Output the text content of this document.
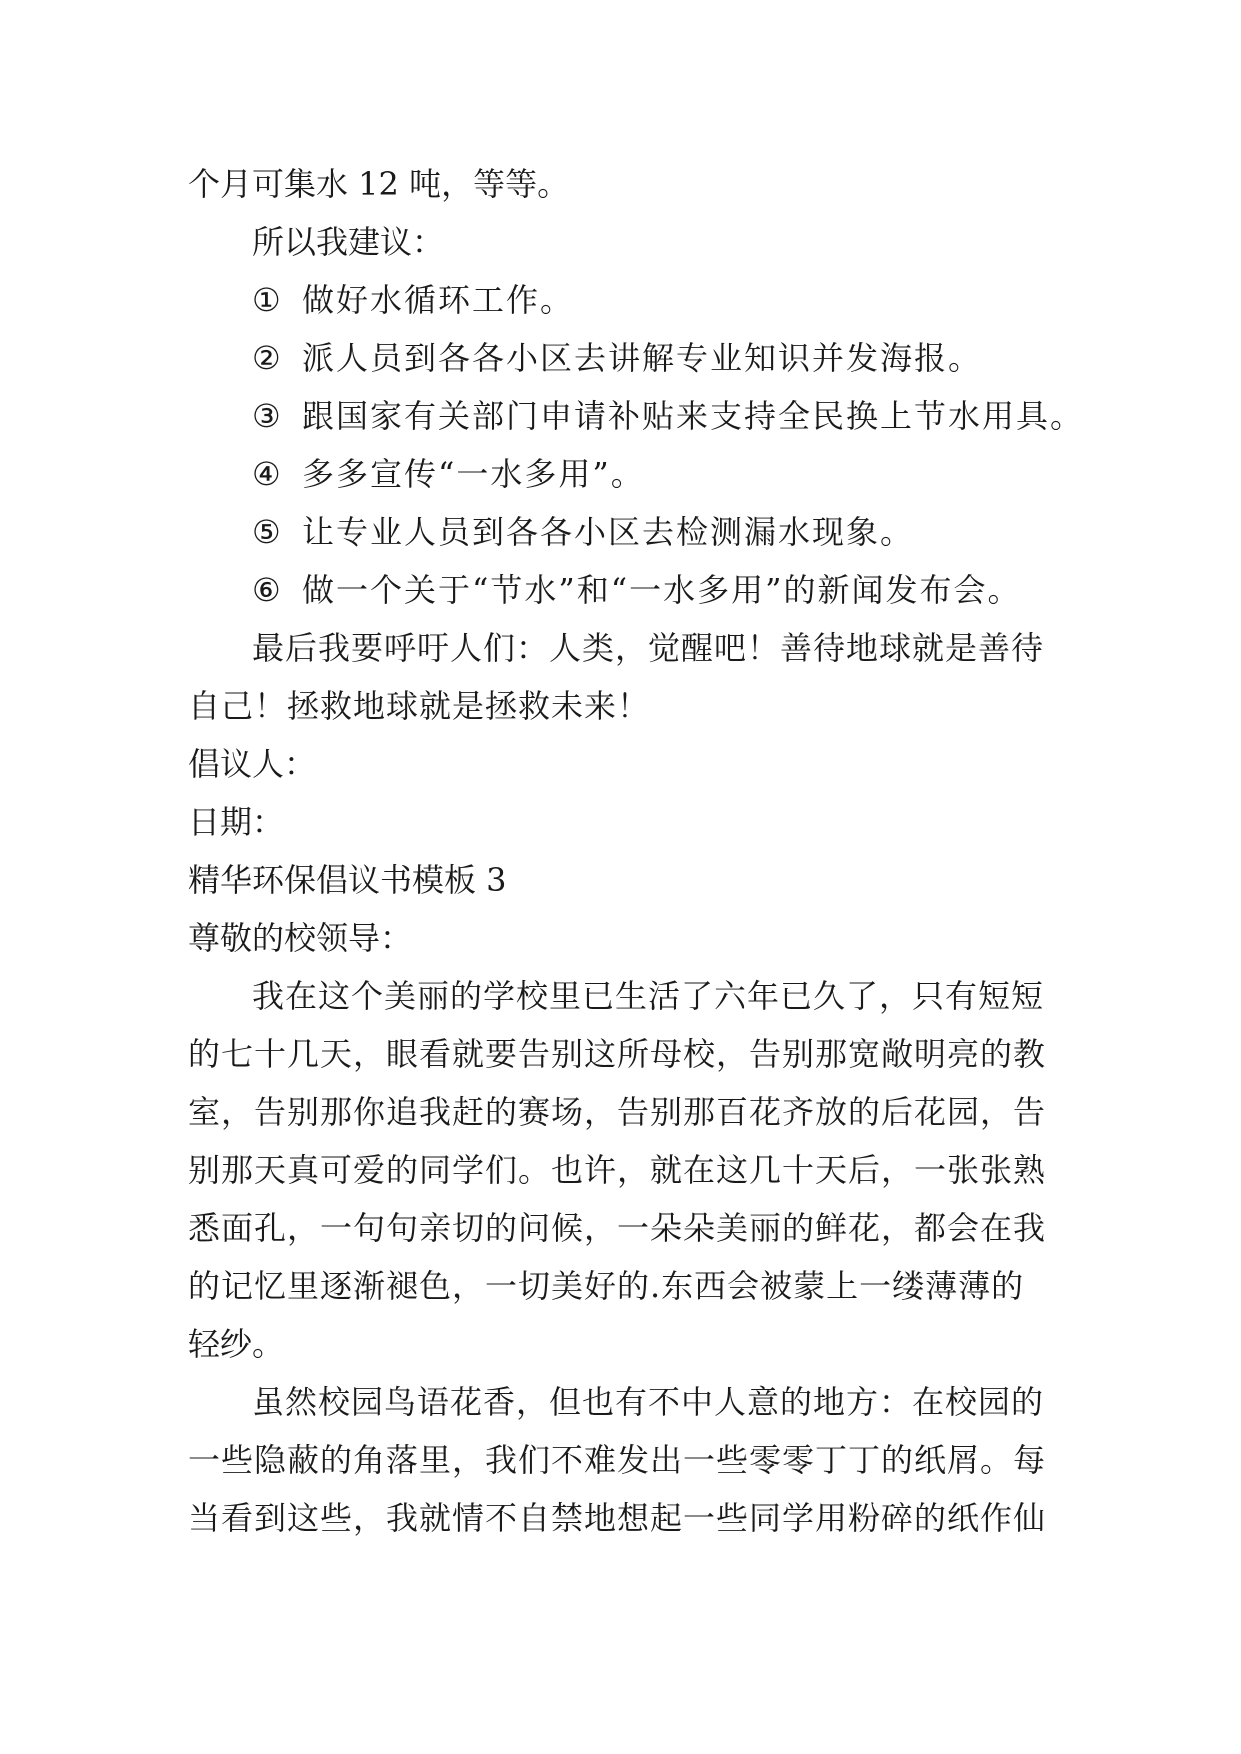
个月可集水 12 吨，等等。
所以我建议：
① 做好水循环工作。
② 派人员到各各小区去讲解专业知识并发海报。
③ 跟国家有关部门申请补贴来支持全民换上节水用具。
④ 多多宣传“一水多用”。
⑤ 让专业人员到各各小区去检测漏水现象。
⑥ 做一个关于“节水”和“一水多用”的新闻发布会。
最后我要呼吁人们：人类，觉醒吧！善待地球就是善待
自己！拯救地球就是拯救未来！
倡议人：
日期：
精华环保倡议书模板 3
尊敬的校领导：
我在这个美丽的学校里已生活了六年已久了，只有短短
的七十几天，眼看就要告别这所母校，告别那宽敞明亮的教
室，告别那你追我赶的赛场，告别那百花齐放的后花园，告
别那天真可爱的同学们。也许，就在这几十天后，一张张熟
悉面孔，一句句亲切的问候，一朵朵美丽的鲜花，都会在我
的记忆里逐渐褪色，一切美好的.东西会被蒙上一缕薄薄的
轻纱。
虽然校园鸟语花香，但也有不中人意的地方：在校园的
一些隐蔽的角落里，我们不难发出一些零零丁丁的纸屑。每
当看到这些，我就情不自禁地想起一些同学用粉碎的纸作仙
